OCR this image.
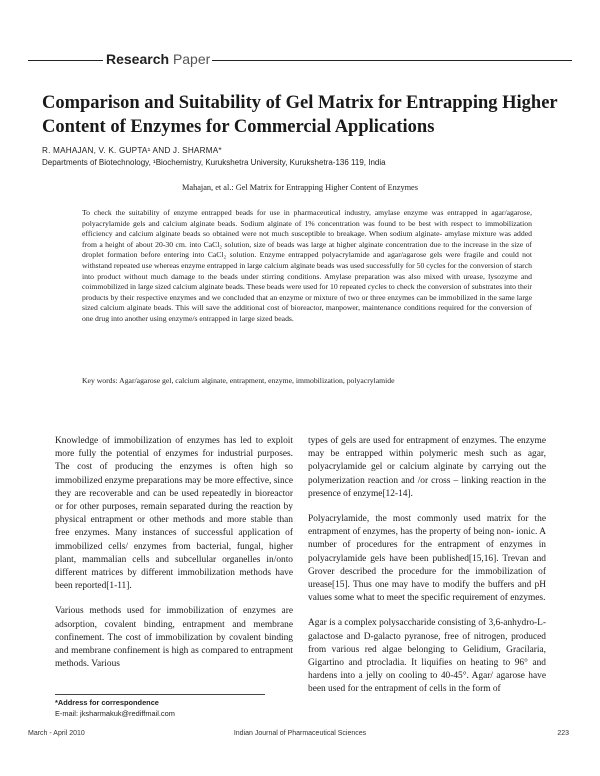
Research Paper
Comparison and Suitability of Gel Matrix for Entrapping Higher Content of Enzymes for Commercial Applications
R. MAHAJAN, V. K. GUPTA¹ AND J. SHARMA*
Departments of Biotechnology, ¹Biochemistry, Kurukshetra University, Kurukshetra-136 119, India
Mahajan, et al.: Gel Matrix for Entrapping Higher Content of Enzymes
To check the suitability of enzyme entrapped beads for use in pharmaceutical industry, amylase enzyme was entrapped in agar/agarose, polyacrylamide gels and calcium alginate beads. Sodium alginate of 1% concentration was found to be best with respect to immobilization efficiency and calcium alginate beads so obtained were not much susceptible to breakage. When sodium alginate- amylase mixture was added from a height of about 20-30 cm. into CaCl₂ solution, size of beads was large at higher alginate concentration due to the increase in the size of droplet formation before entering into CaCl₂ solution. Enzyme entrapped polyacrylamide and agar/agarose gels were fragile and could not withstand repeated use whereas enzyme entrapped in large calcium alginate beads was used successfully for 50 cycles for the conversion of starch into product without much damage to the beads under stirring conditions. Amylase preparation was also mixed with urease, lysozyme and coimmobilized in large sized calcium alginate beads. These beads were used for 10 repeated cycles to check the conversion of substrates into their products by their respective enzymes and we concluded that an enzyme or mixture of two or three enzymes can be immobilized in the same large sized calcium alginate beads. This will save the additional cost of bioreactor, manpower, maintenance conditions required for the conversion of one drug into another using enzyme/s entrapped in large sized beads.
Key words: Agar/agarose gel, calcium alginate, entrapment, enzyme, immobilization, polyacrylamide

Knowledge of immobilization of enzymes has led to exploit more fully the potential of enzymes for industrial purposes. The cost of producing the enzymes is often high so immobilized enzyme preparations may be more effective, since they are recoverable and can be used repeatedly in bioreactor or for other purposes, remain separated during the reaction by physical entrapment or other methods and more stable than free enzymes. Many instances of successful application of immobilized cells/ enzymes from bacterial, fungal, higher plant, mammalian cells and subcellular organelles in/onto different matrices by different immobilization methods have been reported[1-11].

Various methods used for immobilization of enzymes are adsorption, covalent binding, entrapment and membrane confinement. The cost of immobilization by covalent binding and membrane confinement is high as compared to entrapment methods. Various

types of gels are used for entrapment of enzymes. The enzyme may be entrapped within polymeric mesh such as agar, polyacrylamide gel or calcium alginate by carrying out the polymerization reaction and /or cross – linking reaction in the presence of enzyme[12-14].

Polyacrylamide, the most commonly used matrix for the entrapment of enzymes, has the property of being non- ionic. A number of procedures for the entrapment of enzymes in polyacrylamide gels have been published[15,16]. Trevan and Grover described the procedure for the immobilization of urease[15]. Thus one may have to modify the buffers and pH values some what to meet the specific requirement of enzymes.

Agar is a complex polysaccharide consisting of 3,6-anhydro-L-galactose and D-galacto pyranose, free of nitrogen, produced from various red algae belonging to Gelidium, Gracilaria, Gigartino and ptrocladia. It liquifies on heating to 96° and hardens into a jelly on cooling to 40-45°. Agar/ agarose have been used for the entrapment of cells in the form of

*Address for correspondence
E-mail: jksharmakuk@rediffmail.com
March - April 2010	Indian Journal of Pharmaceutical Sciences	223
